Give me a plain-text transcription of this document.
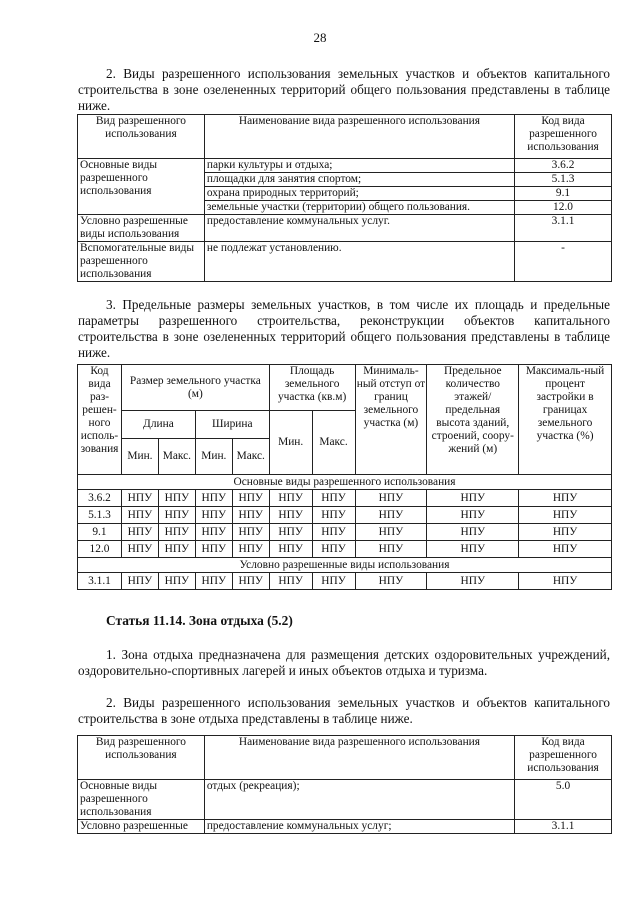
28
2. Виды разрешенного использования земельных участков и объектов капитального строительства в зоне озелененных территорий общего пользования представлены в таблице ниже.
Вид разрешенного использования	Наименование вида разрешенного использования	Код вида разрешенного использования
Основные виды разрешенного использования	парки культуры и отдыха;	3.6.2
	площадки для занятия спортом;	5.1.3
	охрана природных территорий;	9.1
	земельные участки (территории) общего пользования.	12.0
Условно разрешенные виды использования	предоставление коммунальных услуг.	3.1.1
Вспомогательные виды разрешенного использования	не подлежат установлению.	-
3. Предельные размеры земельных участков, в том числе их площадь и предельные параметры разрешенного строительства, реконструкции объектов капитального строительства в зоне озелененных территорий общего пользования представлены в таблице ниже.
Код вида раз-решен-ного исполь-зования	Размер земельного участка (м)				Площадь земельного участка (кв.м)		Минималь-ный отступ от границ земельного участка (м)	Предельное количество этажей/ предельная высота зданий, строений, соору-жений (м)	Максималь-ный процент застройки в границах земельного участка (%)
	Длина		Ширина		Мин.	Макс.			
	Мин.	Макс.	Мин.	Макс.					
Основные виды разрешенного использования									
3.6.2	НПУ	НПУ	НПУ	НПУ	НПУ	НПУ	НПУ	НПУ	НПУ
5.1.3	НПУ	НПУ	НПУ	НПУ	НПУ	НПУ	НПУ	НПУ	НПУ
9.1	НПУ	НПУ	НПУ	НПУ	НПУ	НПУ	НПУ	НПУ	НПУ
12.0	НПУ	НПУ	НПУ	НПУ	НПУ	НПУ	НПУ	НПУ	НПУ
Условно разрешенные виды использования									
3.1.1	НПУ	НПУ	НПУ	НПУ	НПУ	НПУ	НПУ	НПУ	НПУ
Статья 11.14. Зона отдыха (5.2)
1. Зона отдыха предназначена для размещения детских оздоровительных учреждений, оздоровительно-спортивных лагерей и иных объектов отдыха и туризма.
2. Виды разрешенного использования земельных участков и объектов капитального строительства в зоне отдыха представлены в таблице ниже.
Вид разрешенного использования	Наименование вида разрешенного использования	Код вида разрешенного использования
Основные виды разрешенного использования	отдых (рекреация);	5.0
Условно разрешенные	предоставление коммунальных услуг;	3.1.1
